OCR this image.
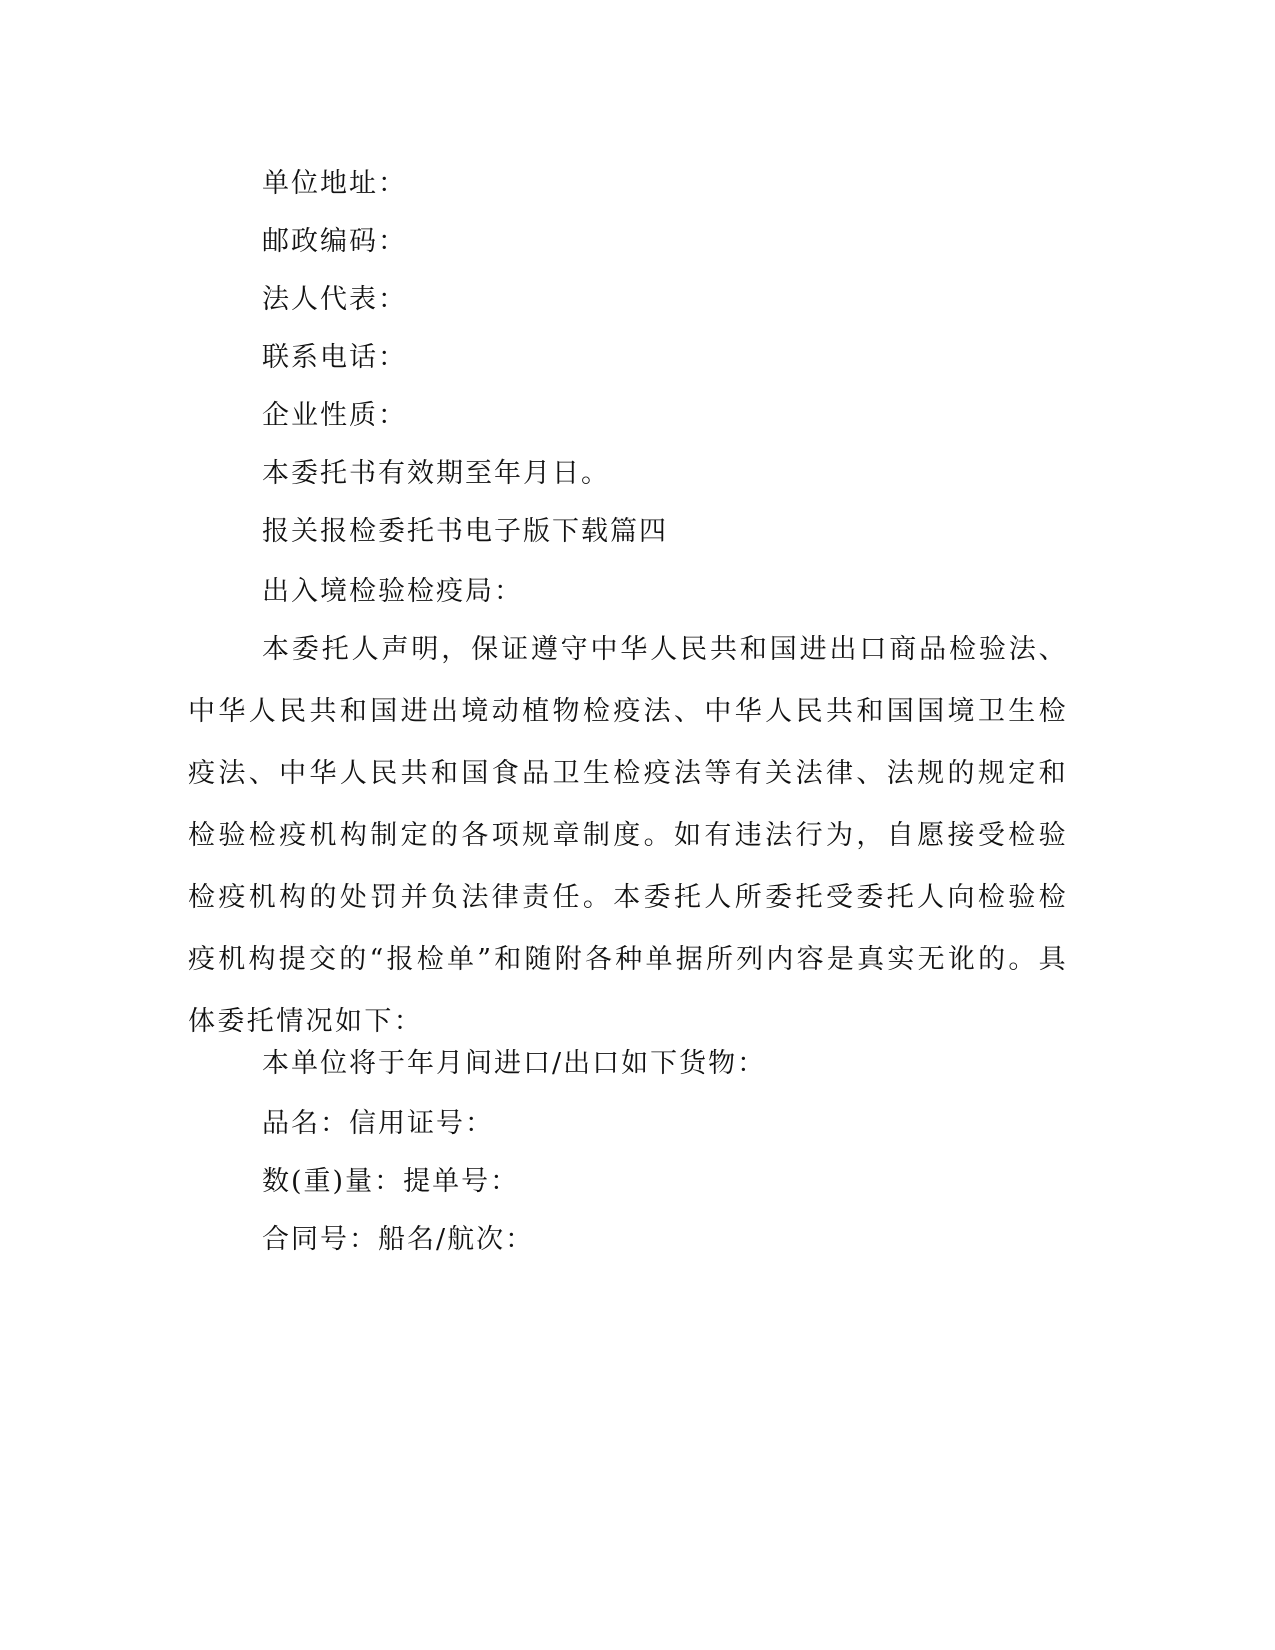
单位地址：

邮政编码：

法人代表：

联系电话：

企业性质：

本委托书有效期至年月日。

报关报检委托书电子版下载篇四

出入境检验检疫局：

本委托人声明，保证遵守中华人民共和国进出口商品检验法、中华人民共和国进出境动植物检疫法、中华人民共和国国境卫生检疫法、中华人民共和国食品卫生检疫法等有关法律、法规的规定和检验检疫机构制定的各项规章制度。如有违法行为，自愿接受检验检疫机构的处罚并负法律责任。本委托人所委托受委托人向检验检疫机构提交的“报检单”和随附各种单据所列内容是真实无讹的。具体委托情况如下：

本单位将于年月间进口/出口如下货物：

品名：信用证号：

数(重)量：提单号：

合同号：船名/航次：
